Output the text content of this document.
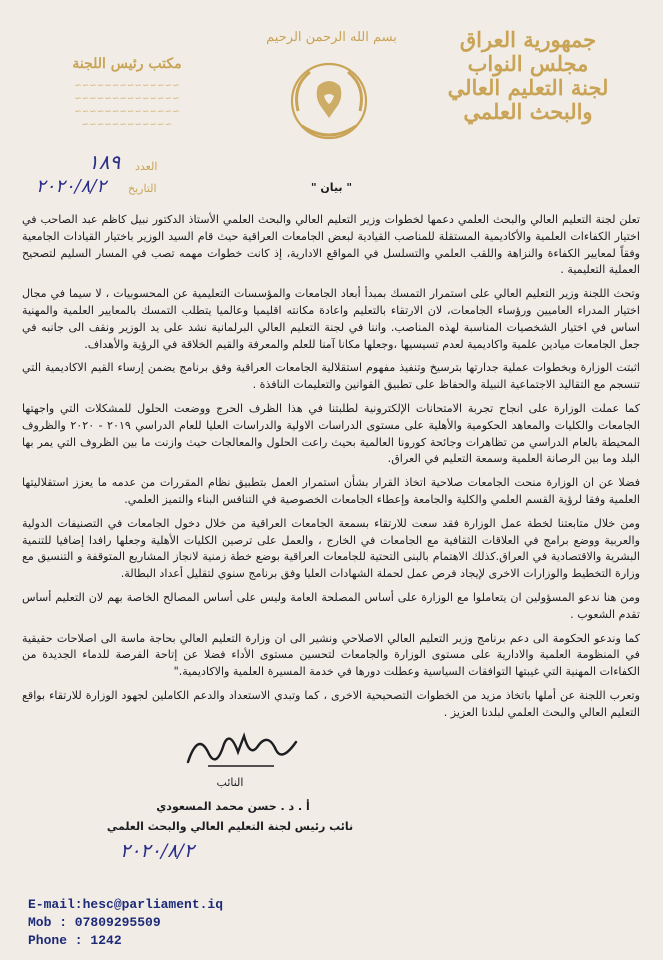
جمهورية العراق
مجلس النواب
لجنة التعليم العالي
والبحث العلمي
بسم الله الرحمن الرحيم
مكتب رئيس اللجنة
∼∼∼∼∼∼∼∼∼∼∼∼∼∼
∼∼∼∼∼∼∼∼∼∼∼∼∼∼
∼∼∼∼∼∼∼∼∼∼∼∼∼∼
∼∼∼∼∼∼∼∼∼∼∼∼
العدد
١٨٩
التاريخ
٢٠٢٠/٨/٢	" بيان "

تعلن لجنة التعليم العالي والبحث العلمي دعمها لخطوات وزير التعليم العالي والبحث العلمي الأستاذ الدكتور نبيل كاظم عبد الصاحب في اختيار الكفاءات العلمية والأكاديمية المستقلة للمناصب القيادية لبعض الجامعات العراقية حيث قام السيد الوزير باختيار القيادات الجامعية وفقاً لمعايير الكفاءة والنزاهة واللقب العلمي والتسلسل في المواقع الادارية، إذ كانت خطوات مهمه تصب في المسار السليم لتصحيح العملية التعليمية .

وتحث اللجنة وزير التعليم العالي على استمرار التمسك بمبدأ أبعاد الجامعات والمؤسسات التعليمية عن المحسوبيات ، لا سيما في مجال اختيار المدراء العاميين ورؤساء الجامعات، لان الارتقاء بالتعليم واعادة مكانته اقليميا وعالميا يتطلب التمسك بالمعايير العلمية والمهنية اساس في اختيار الشخصيات المناسبة لهذه المناصب. واننا في لجنة التعليم العالي البرلمانية نشد على يد الوزير ونقف الى جانبه في جعل الجامعات ميادين علمية واكاديمية لعدم تسيسيها ،وجعلها مكانا آمنا للعلم والمعرفة والقيم الخلاقة في الرؤية والأهداف.

اثبتت الوزارة وبخطوات عملية جدارتها بترسيخ وتنفيذ مفهوم استقلالية الجامعات العراقية وفق برنامج يضمن إرساء القيم الاكاديمية التي تنسجم مع التقاليد الاجتماعية النبيلة والحفاظ على تطبيق القوانين والتعليمات النافذة .

كما عملت الوزارة على انجاح تجربة الامتحانات الإلكترونية لطلبتنا في هذا الظرف الحرج ووضعت الحلول للمشكلات التي واجهتها الجامعات والكليات والمعاهد الحكومية والأهلية على مستوى الدراسات الاولية والدراسات العليا للعام الدراسي ٢٠١٩ - ٢٠٢٠ والظروف المحيطة بالعام الدراسي من تظاهرات وجائحة كورونا العالمية بحيث راعت الحلول والمعالجات حيث وازنت ما بين الظروف التي يمر بها البلد وما بين الرصانة العلمية وسمعة التعليم في العراق.

فضلا عن ان الوزارة منحت الجامعات صلاحية اتخاذ القرار بشأن استمرار العمل بتطبيق نظام المقررات من عدمه ما يعزز استقلاليتها العلمية وفقا لرؤية القسم العلمي والكلية والجامعة وإعطاء الجامعات الخصوصية في التنافس البناء والتميز العلمي.

ومن خلال متابعتنا لخطة عمل الوزارة فقد سعت للارتقاء بسمعة الجامعات العراقية من خلال دخول الجامعات في التصنيفات الدولية والعربية ووضع برامج في العلاقات الثقافية مع الجامعات في الخارج ، والعمل على ترصين الكليات الأهلية وجعلها رافدا إضافيا للتنمية البشرية والاقتصادية في العراق.كذلك الاهتمام بالبنى التحتية للجامعات العراقية بوضع خطة زمنية لانجاز المشاريع المتوقفة و التنسيق مع وزارة التخطيط والوزارات الاخرى لإيجاد فرص عمل لحملة الشهادات العليا وفق برنامج سنوي لتقليل أعداد البطالة.

ومن هنا ندعو المسؤولين ان يتعاملوا مع الوزارة على أساس المصلحة العامة وليس على أساس المصالح الخاصة بهم لان التعليم أساس تقدم الشعوب .

كما وندعو الحكومة الى دعم برنامج وزير التعليم العالي الاصلاحي ونشير الى ان وزارة التعليم العالي بحاجة ماسة الى اصلاحات حقيقية في المنظومة العلمية والادارية على مستوى الوزارة والجامعات لتحسين مستوى الأداء فضلا عن إتاحة الفرصة للدماء الجديدة من الكفاءات المهنية التي غيبتها التوافقات السياسية وعطلت دورها في خدمة المسيرة العلمية والاكاديمية."

وتعرب اللجنة عن أملها باتخاذ مزيد من الخطوات التصحيحية الاخرى ، كما وتبدي الاستعداد والدعم الكاملين لجهود الوزارة للارتقاء بواقع التعليم العالي والبحث العلمي لبلدنا العزيز .

النائب
أ . د . حسن محمد المسعودي
نائب رئيس لجنة التعليم العالي والبحث العلمي
٢٠٢٠/٨/٢
E-mail:hesc@parliament.iq
Mob : 07809295509
Phone : 1242
